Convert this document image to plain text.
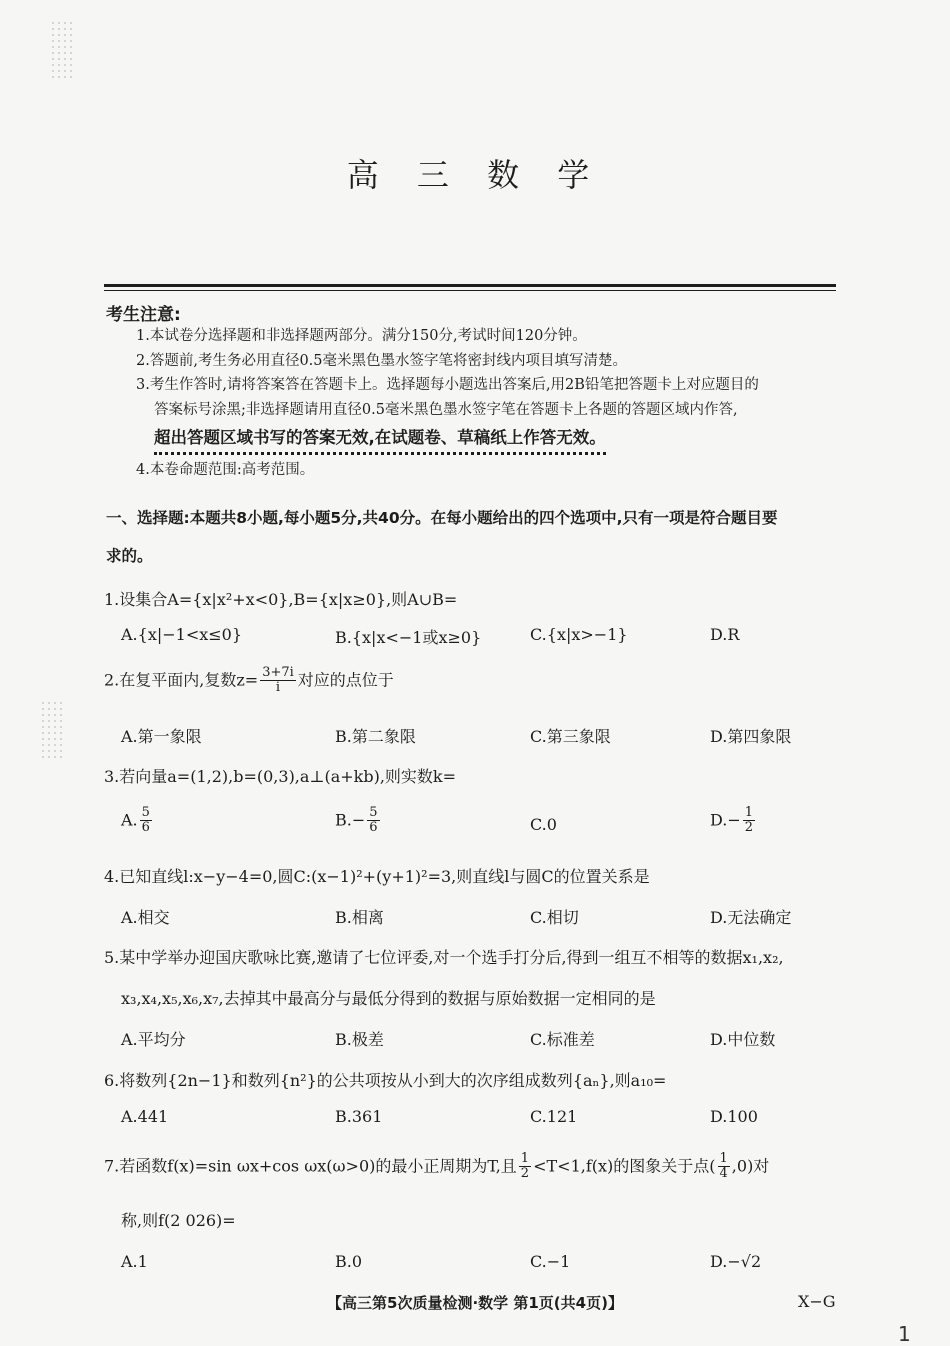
高 三 数 学
考生注意:
1.本试卷分选择题和非选择题两部分。满分150分,考试时间120分钟。
2.答题前,考生务必用直径0.5毫米黑色墨水签字笔将密封线内项目填写清楚。
3.考生作答时,请将答案答在答题卡上。选择题每小题选出答案后,用2B铅笔把答题卡上对应题目的
答案标号涂黑;非选择题请用直径0.5毫米黑色墨水签字笔在答题卡上各题的答题区域内作答,
超出答题区域书写的答案无效,在试题卷、草稿纸上作答无效。
4.本卷命题范围:高考范围。
一、选择题:本题共8小题,每小题5分,共40分。在每小题给出的四个选项中,只有一项是符合题目要
求的。
1.设集合A={x|x²+x<0},B={x|x≥0},则A∪B=
A.{x|−1<x≤0}	B.{x|x<−1或x≥0}	C.{x|x>−1}	D.R
2.在复平面内,复数$z= \frac{3+7i}{i}$ 对应的点位于
A.第一象限	B.第二象限	C.第三象限	D.第四象限
3.若向量a=(1,2),b=(0,3),a⊥(a+kb),则实数k=
A. $\frac{5}{6}$	$B.- \frac{5}{6}$	C.0	$D.- \frac{1}{2}$
4.已知直线l:x−y−4=0,圆C:(x−1)²+(y+1)²=3,则直线l与圆C的位置关系是
A.相交	B.相离	C.相切	D.无法确定
5.某中学举办迎国庆歌咏比赛,邀请了七位评委,对一个选手打分后,得到一组互不相等的数据x₁,x₂,
x₃,x₄,x₅,x₆,x₇,去掉其中最高分与最低分得到的数据与原始数据一定相同的是
A.平均分	B.极差	C.标准差	D.中位数
6.将数列{2n−1}和数列{n²}的公共项按从小到大的次序组成数列{aₙ},则a₁₀=
A.441	B.361	C.121	D.100
7.若函数f(x)=sin ωx+cos ωx(ω>0)的最小正周期为T,且 $\frac{1}{2} <T<1,f(x)$的图象关于点( $\frac{1}{4} ,0$)对
称,则f(2 026)=
A.1	B.0	C.−1	D.−√2
【高三第5次质量检测·数学 第1页(共4页)】	X−G
1
